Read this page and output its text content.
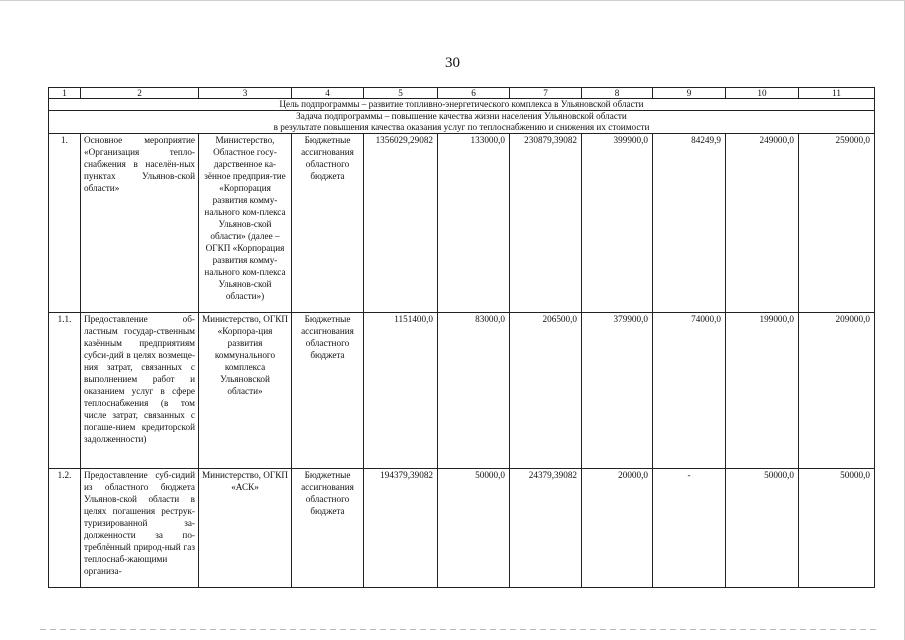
30
1	2	3	4	5	6	7	8	9	10	11
Цель подпрограммы – развитие топливно-энергетического комплекса в Ульяновской области										

Задача подпрограммы – повышение качества жизни населения Ульяновской области
в результате повышения качества оказания услуг по теплоснабжению и снижения их стоимости										

1.	Основное мероприятие «Организация тепло-снабжения в населён-ных пунктах Ульянов-ской области»	Министерство, Областное госу-дарственное ка-зённое предприя-тие «Корпорация развития комму-нального ком-плекса Ульянов-ской области» (далее – ОГКП «Корпорация развития комму-нального ком-плекса Ульянов-ской области»)	Бюджетные ассигнования областного бюджета	1356029,29082	133000,0	230879,39082	399900,0	84249,9	249000,0	259000,0
1.1.	Предоставление об-ластным государ-ственным казённым предприятиям субси-дий в целях возмеще-ния затрат, связанных с выполнением работ и оказанием услуг в сфере теплоснабжения (в том числе затрат, связанных с погаше-нием кредиторской задолженности)	Министерство, ОГКП «Корпора-ция развития коммунального комплекса Ульяновской области»	Бюджетные ассигнования областного бюджета	1151400,0	83000,0	206500,0	379900,0	74000,0	199000,0	209000,0
1.2.	Предоставление суб-сидий из областного бюджета Ульянов-ской области в целях погашения реструк-туризированной за-долженности за по-треблённый природ-ный газ теплоснаб-жающими организа-	Министерство, ОГКП «АСК»	Бюджетные ассигнования областного бюджета	194379,39082	50000,0	24379,39082	20000,0	-	50000,0	50000,0
